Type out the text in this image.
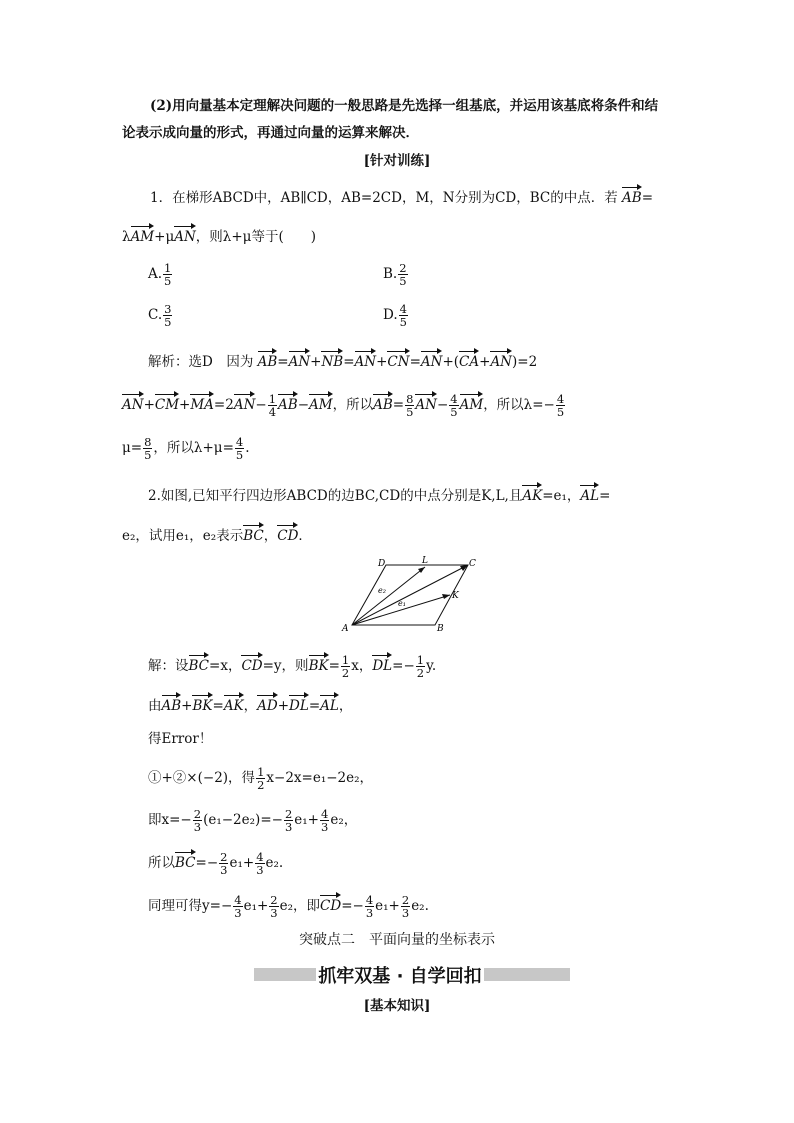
(2)用向量基本定理解决问题的一般思路是先选择一组基底，并运用该基底将条件和结
论表示成向量的形式，再通过向量的运算来解决．
[针对训练]
1．在梯形ABCD中，AB∥CD，AB=2CD，M，N分别为CD，BC的中点．若 AB=
λAM+μAN，则λ+μ等于(　　)
A. $\frac{1}{5}$	B. $\frac{2}{5}$
C. $\frac{3}{5}$	D. $\frac{4}{5}$
解析：选D　因为 AB=AN+NB=AN+CN=AN+(CA+AN)=2
$AN+CM+MA=2AN- \frac{1}{4} AB-AM$，所以$AB= \frac{8}{5} AN- \frac{4}{5}$ AM，所以$\lambda=- \frac{4}{5}$
$\mu= \frac{8}{5}$ ，所以$\lambda+\mu= \frac{4}{5}$ .
2.如图,已知平行四边形ABCD的边BC,CD的中点分别是K,L,且AK=e₁，AL=
e₂，试用e₁，e₂表示BC，CD．
A	B
C
D	L
K
e₂
e₁
解：设BC=x，CD=y，则$BK= \frac{1}{2}$ x，$DL=- \frac{1}{2} y$.
由AB+BK=AK，AD+DL=AL，
得Error！
①+②×(−2)，得 $\frac{1}{2} x-2x=e_1-2e_2$，
即$x=- \frac{2}{3} (e_1-2e_2)=- \frac{2}{3} e_1+ \frac{4}{3} e_2$，
所以$BC=- \frac{2}{3} e_1+ \frac{4}{3} e_2$.
同理可得$y=- \frac{4}{3} e_1+ \frac{2}{3} e_2$，即$CD=- \frac{4}{3} e_1+ \frac{2}{3} e_2$.
突破点二　平面向量的坐标表示
抓牢双基 · 自学回扣
[基本知识]
